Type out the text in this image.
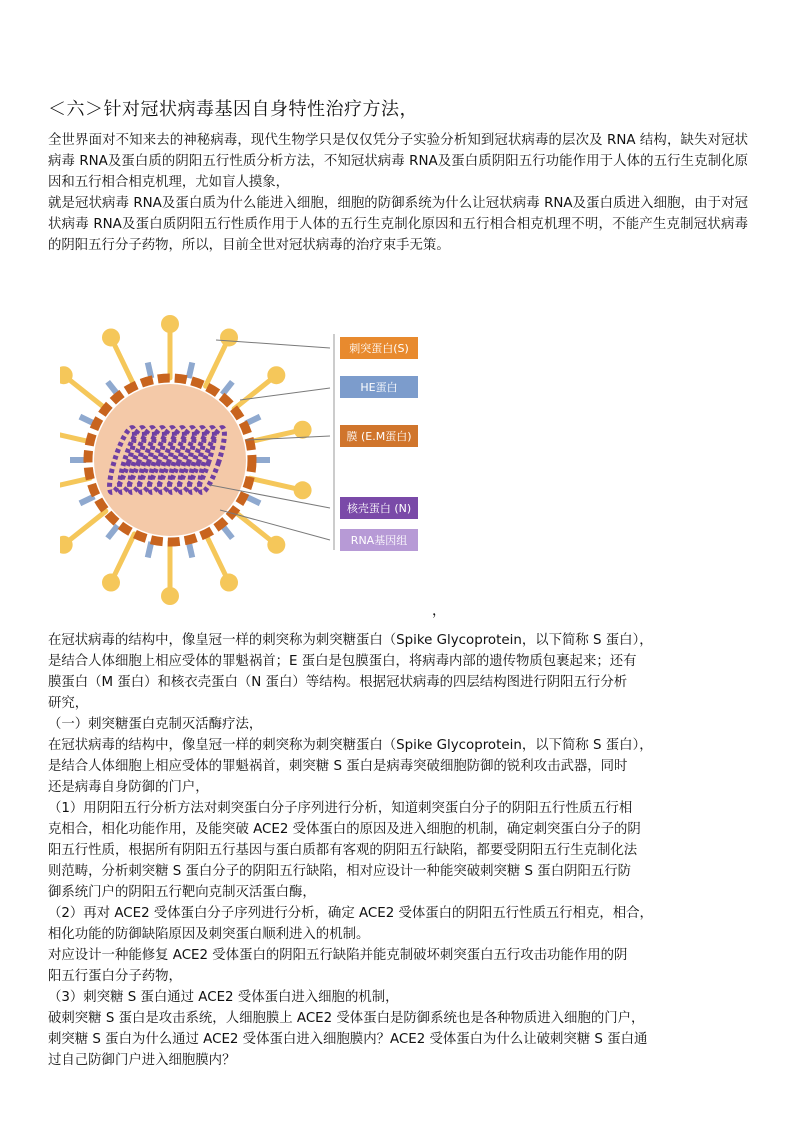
＜六＞针对冠状病毒基因自身特性治疗方法，

全世界面对不知来去的神秘病毒，现代生物学只是仅仅凭分子实验分析知到冠状病毒的层次及 RNA 结构，缺失对冠状病毒 RNA及蛋白质的阴阳五行性质分析方法，不知冠状病毒 RNA及蛋白质阴阳五行功能作用于人体的五行生克制化原因和五行相合相克机理，尤如盲人摸象，

就是冠状病毒 RNA及蛋白质为什么能进入细胞，细胞的防御系统为什么让冠状病毒 RNA及蛋白质进入细胞，由于对冠状病毒 RNA及蛋白质阴阳五行性质作用于人体的五行生克制化原因和五行相合相克机理不明，不能产生克制冠状病毒的阴阳五行分子药物，所以，目前全世对冠状病毒的治疗束手无策。

刺突蛋白(S)
HE蛋白
膜 (E.M蛋白)
核壳蛋白 (N)
RNA基因组
，
在冠状病毒的结构中，像皇冠一样的刺突称为刺突糖蛋白（Spike Glycoprotein，以下简称 S 蛋白），
是结合人体细胞上相应受体的罪魁祸首；E 蛋白是包膜蛋白，将病毒内部的遗传物质包裹起来；还有
膜蛋白（M 蛋白）和核衣壳蛋白（N 蛋白）等结构。根据冠状病毒的四层结构图进行阴阳五行分析
研究，
（一）刺突糖蛋白克制灭活酶疗法，
在冠状病毒的结构中，像皇冠一样的刺突称为刺突糖蛋白（Spike Glycoprotein，以下简称 S 蛋白），
是结合人体细胞上相应受体的罪魁祸首，刺突糖 S 蛋白是病毒突破细胞防御的锐利攻击武器，同时
还是病毒自身防御的门户，
（1）用阴阳五行分析方法对刺突蛋白分子序列进行分析，知道刺突蛋白分子的阴阳五行性质五行相
克相合，相化功能作用，及能突破 ACE2 受体蛋白的原因及进入细胞的机制，确定刺突蛋白分子的阴
阳五行性质，根据所有阴阳五行基因与蛋白质都有客观的阴阳五行缺陷，都要受阴阳五行生克制化法
则范畴，分析刺突糖 S 蛋白分子的阴阳五行缺陷，相对应设计一种能突破刺突糖 S 蛋白阴阳五行防
御系统门户的阴阳五行靶向克制灭活蛋白酶，
（2）再对 ACE2 受体蛋白分子序列进行分析，确定 ACE2 受体蛋白的阴阳五行性质五行相克，相合，
相化功能的防御缺陷原因及刺突蛋白顺利进入的机制。
对应设计一种能修复 ACE2 受体蛋白的阴阳五行缺陷并能克制破坏刺突蛋白五行攻击功能作用的阴
阳五行蛋白分子药物，
（3）刺突糖 S 蛋白通过 ACE2 受体蛋白进入细胞的机制，
破刺突糖 S 蛋白是攻击系统，人细胞膜上 ACE2 受体蛋白是防御系统也是各种物质进入细胞的门户，
刺突糖 S 蛋白为什么通过 ACE2 受体蛋白进入细胞膜内？ACE2 受体蛋白为什么让破刺突糖 S 蛋白通
过自己防御门户进入细胞膜内？
